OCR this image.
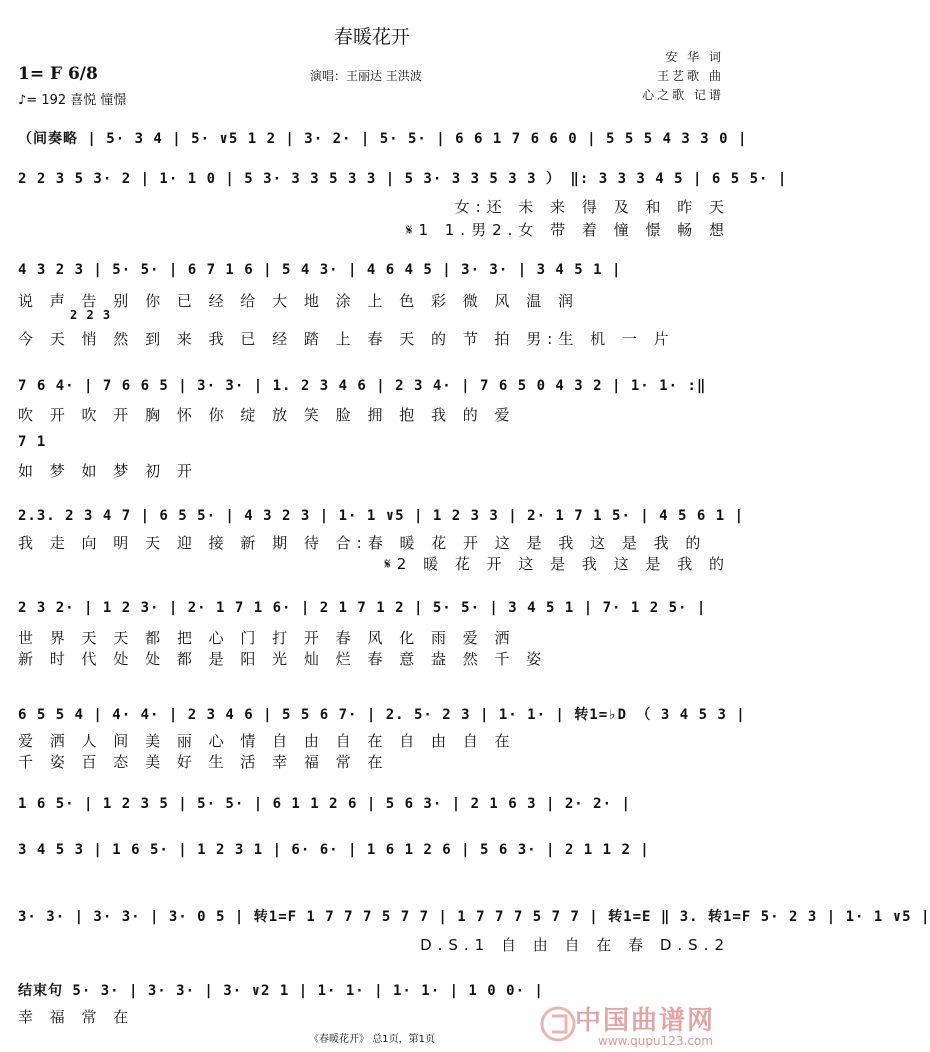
春暖花开
1= F 6/8
♪= 192 喜悦 憧憬
演唱：王丽达 王洪波
安 华 词
王艺歌 曲
心之歌 记谱
（间奏略 | 5· 3 4 | 5· ∨5 1 2 | 3· 2· | 5· 5· | 6 6 1 7 6 6 0 | 5 5 5 4 3 3 0 |
2 2 3 5 3· 2 | 1· 1 0 | 5 3· 3 3 5 3 3 | 5 3· 3 3 5 3 3 ） ‖: 3 3 3 4 5 | 6 5 5· |
女:还 未 来 得 及 和 昨 天
𝄋1 1.男2.女 带 着 憧 憬 畅 想
4 3 2 3 | 5· 5· | 6 7 1 6 | 5 4 3· | 4 6 4 5 | 3· 3· | 3 4 5 1 |
说 声 告 别 你 已 经 给 大 地 涂 上 色 彩 微 风 温 润
2 2 3
今 天 悄 然 到 来 我 已 经 踏 上 春 天 的 节 拍 男:生 机 一 片
7 6 4· | 7 6 6 5 | 3· 3· | 1. 2 3 4 6 | 2 3 4· | 7 6 5 0 4 3 2 | 1· 1· :‖
吹 开 吹 开 胸 怀 你 绽 放 笑 脸 拥 抱 我 的 爱
7 1
如 梦 如 梦 初 开
2.3. 2 3 4 7 | 6 5 5· | 4 3 2 3 | 1· 1 ∨5 | 1 2 3 3 | 2· 1 7 1 5· | 4 5 6 1 |
我 走 向 明 天 迎 接 新 期 待 合:春 暖 花 开 这 是 我 这 是 我 的
𝄋2 暖 花 开 这 是 我 这 是 我 的
2 3 2· | 1 2 3· | 2· 1 7 1 6· | 2 1 7 1 2 | 5· 5· | 3 4 5 1 | 7· 1 2 5· |
世 界 天 天 都 把 心 门 打 开 春 风 化 雨 爱 洒
新 时 代 处 处 都 是 阳 光 灿 烂 春 意 盎 然 千 姿
6 5 5 4 | 4· 4· | 2 3 4 6 | 5 5 6 7· | 2. 5· 2 3 | 1· 1· | 转1=♭D （ 3 4 5 3 |
爱 洒 人 间 美 丽 心 情 自 由 自 在 自 由 自 在
千 姿 百 态 美 好 生 活 幸 福 常 在
1 6 5· | 1 2 3 5 | 5· 5· | 6 1 1 2 6 | 5 6 3· | 2 1 6 3 | 2· 2· |
3 4 5 3 | 1 6 5· | 1 2 3 1 | 6· 6· | 1 6 1 2 6 | 5 6 3· | 2 1 1 2 |
3· 3· | 3· 3· | 3· 0 5 | 转1=F 1 7 7 7 5 7 7 | 1 7 7 7 5 7 7 | 转1=E ‖ 3. 转1=F 5· 2 3 | 1· 1 ∨5 |
D.S.1 自 由 自 在 春 D.S.2
结束句 5· 3· | 3· 3· | 3· ∨2 1 | 1· 1· | 1· 1· | 1 0 0· |
幸 福 常 在	中国曲谱网
www.qupu123.com
《春暖花开》 总1页，第1页
